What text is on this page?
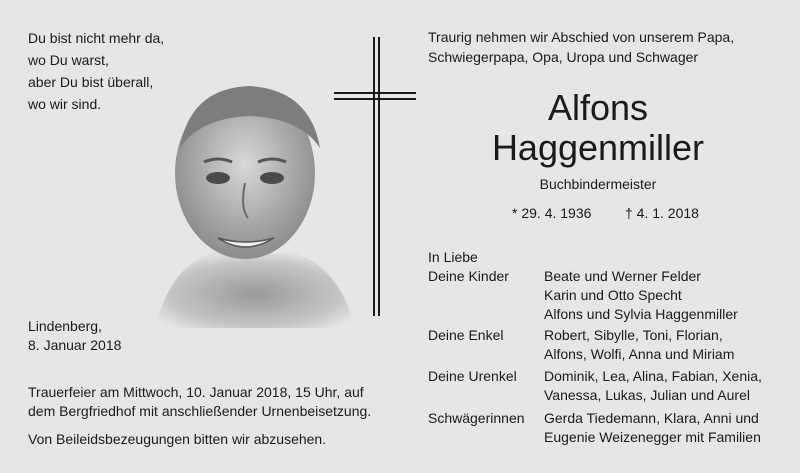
Du bist nicht mehr da,
wo Du warst,
aber Du bist überall,
wo wir sind.
Lindenberg,
8. Januar 2018
Trauerfeier am Mittwoch, 10. Januar 2018, 15 Uhr, auf
dem Bergfriedhof mit anschließender Urnenbeisetzung.
Von Beileidsbezeugungen bitten wir abzusehen.
Traurig nehmen wir Abschied von unserem Papa,
Schwiegerpapa, Opa, Uropa und Schwager
Alfons
Haggenmiller
Buchbindermeister
* 29. 4. 1936 † 4. 1. 2018
In Liebe
Deine Kinder	Beate und Werner Felder
Karin und Otto Specht
Alfons und Sylvia Haggenmiller
Deine Enkel	Robert, Sibylle, Toni, Florian,
Alfons, Wolfi, Anna und Miriam
Deine Urenkel Dominik, Lea, Alina, Fabian, Xenia,
Vanessa, Lukas, Julian und Aurel
Schwägerinnen Gerda Tiedemann, Klara, Anni und
Eugenie Weizenegger mit Familien
